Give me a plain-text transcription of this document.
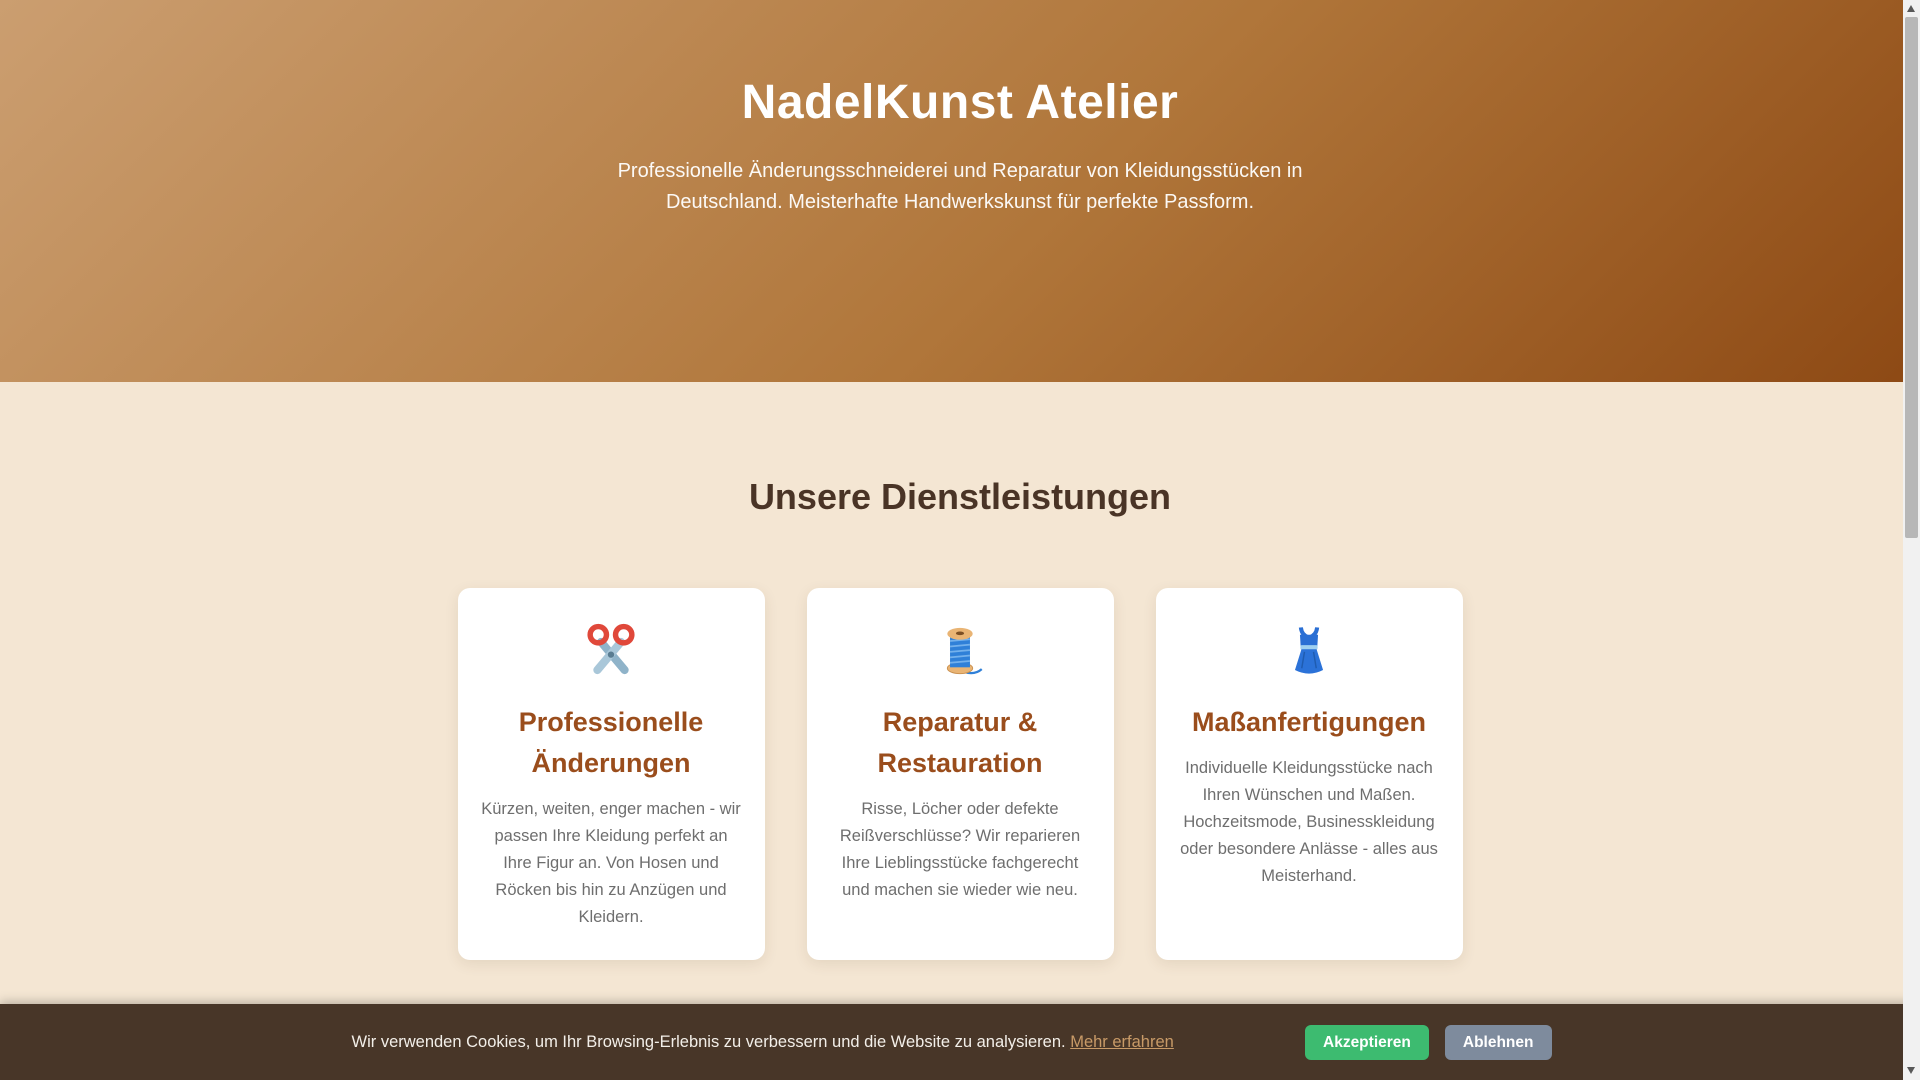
NadelKunst Atelier

Professionelle Änderungsschneiderei und Reparatur von Kleidungsstücken in Deutschland. Meisterhafte Handwerkskunst für perfekte Passform.

Unsere Dienstleistungen
Professionelle Änderungen

Kürzen, weiten, enger machen - wir passen Ihre Kleidung perfekt an Ihre Figur an. Von Hosen und Röcken bis hin zu Anzügen und Kleidern.

Reparatur & Restauration

Risse, Löcher oder defekte Reißverschlüsse? Wir reparieren Ihre Lieblingsstücke fachgerecht und machen sie wieder wie neu.

Maßanfertigungen

Individuelle Kleidungsstücke nach Ihren Wünschen und Maßen. Hochzeitsmode, Businesskleidung oder besondere Anlässe - alles aus Meisterhand.

Wir verwenden Cookies, um Ihr Browsing-Erlebnis zu verbessern und die Website zu analysieren. Mehr erfahren	Akzeptieren	Ablehnen
